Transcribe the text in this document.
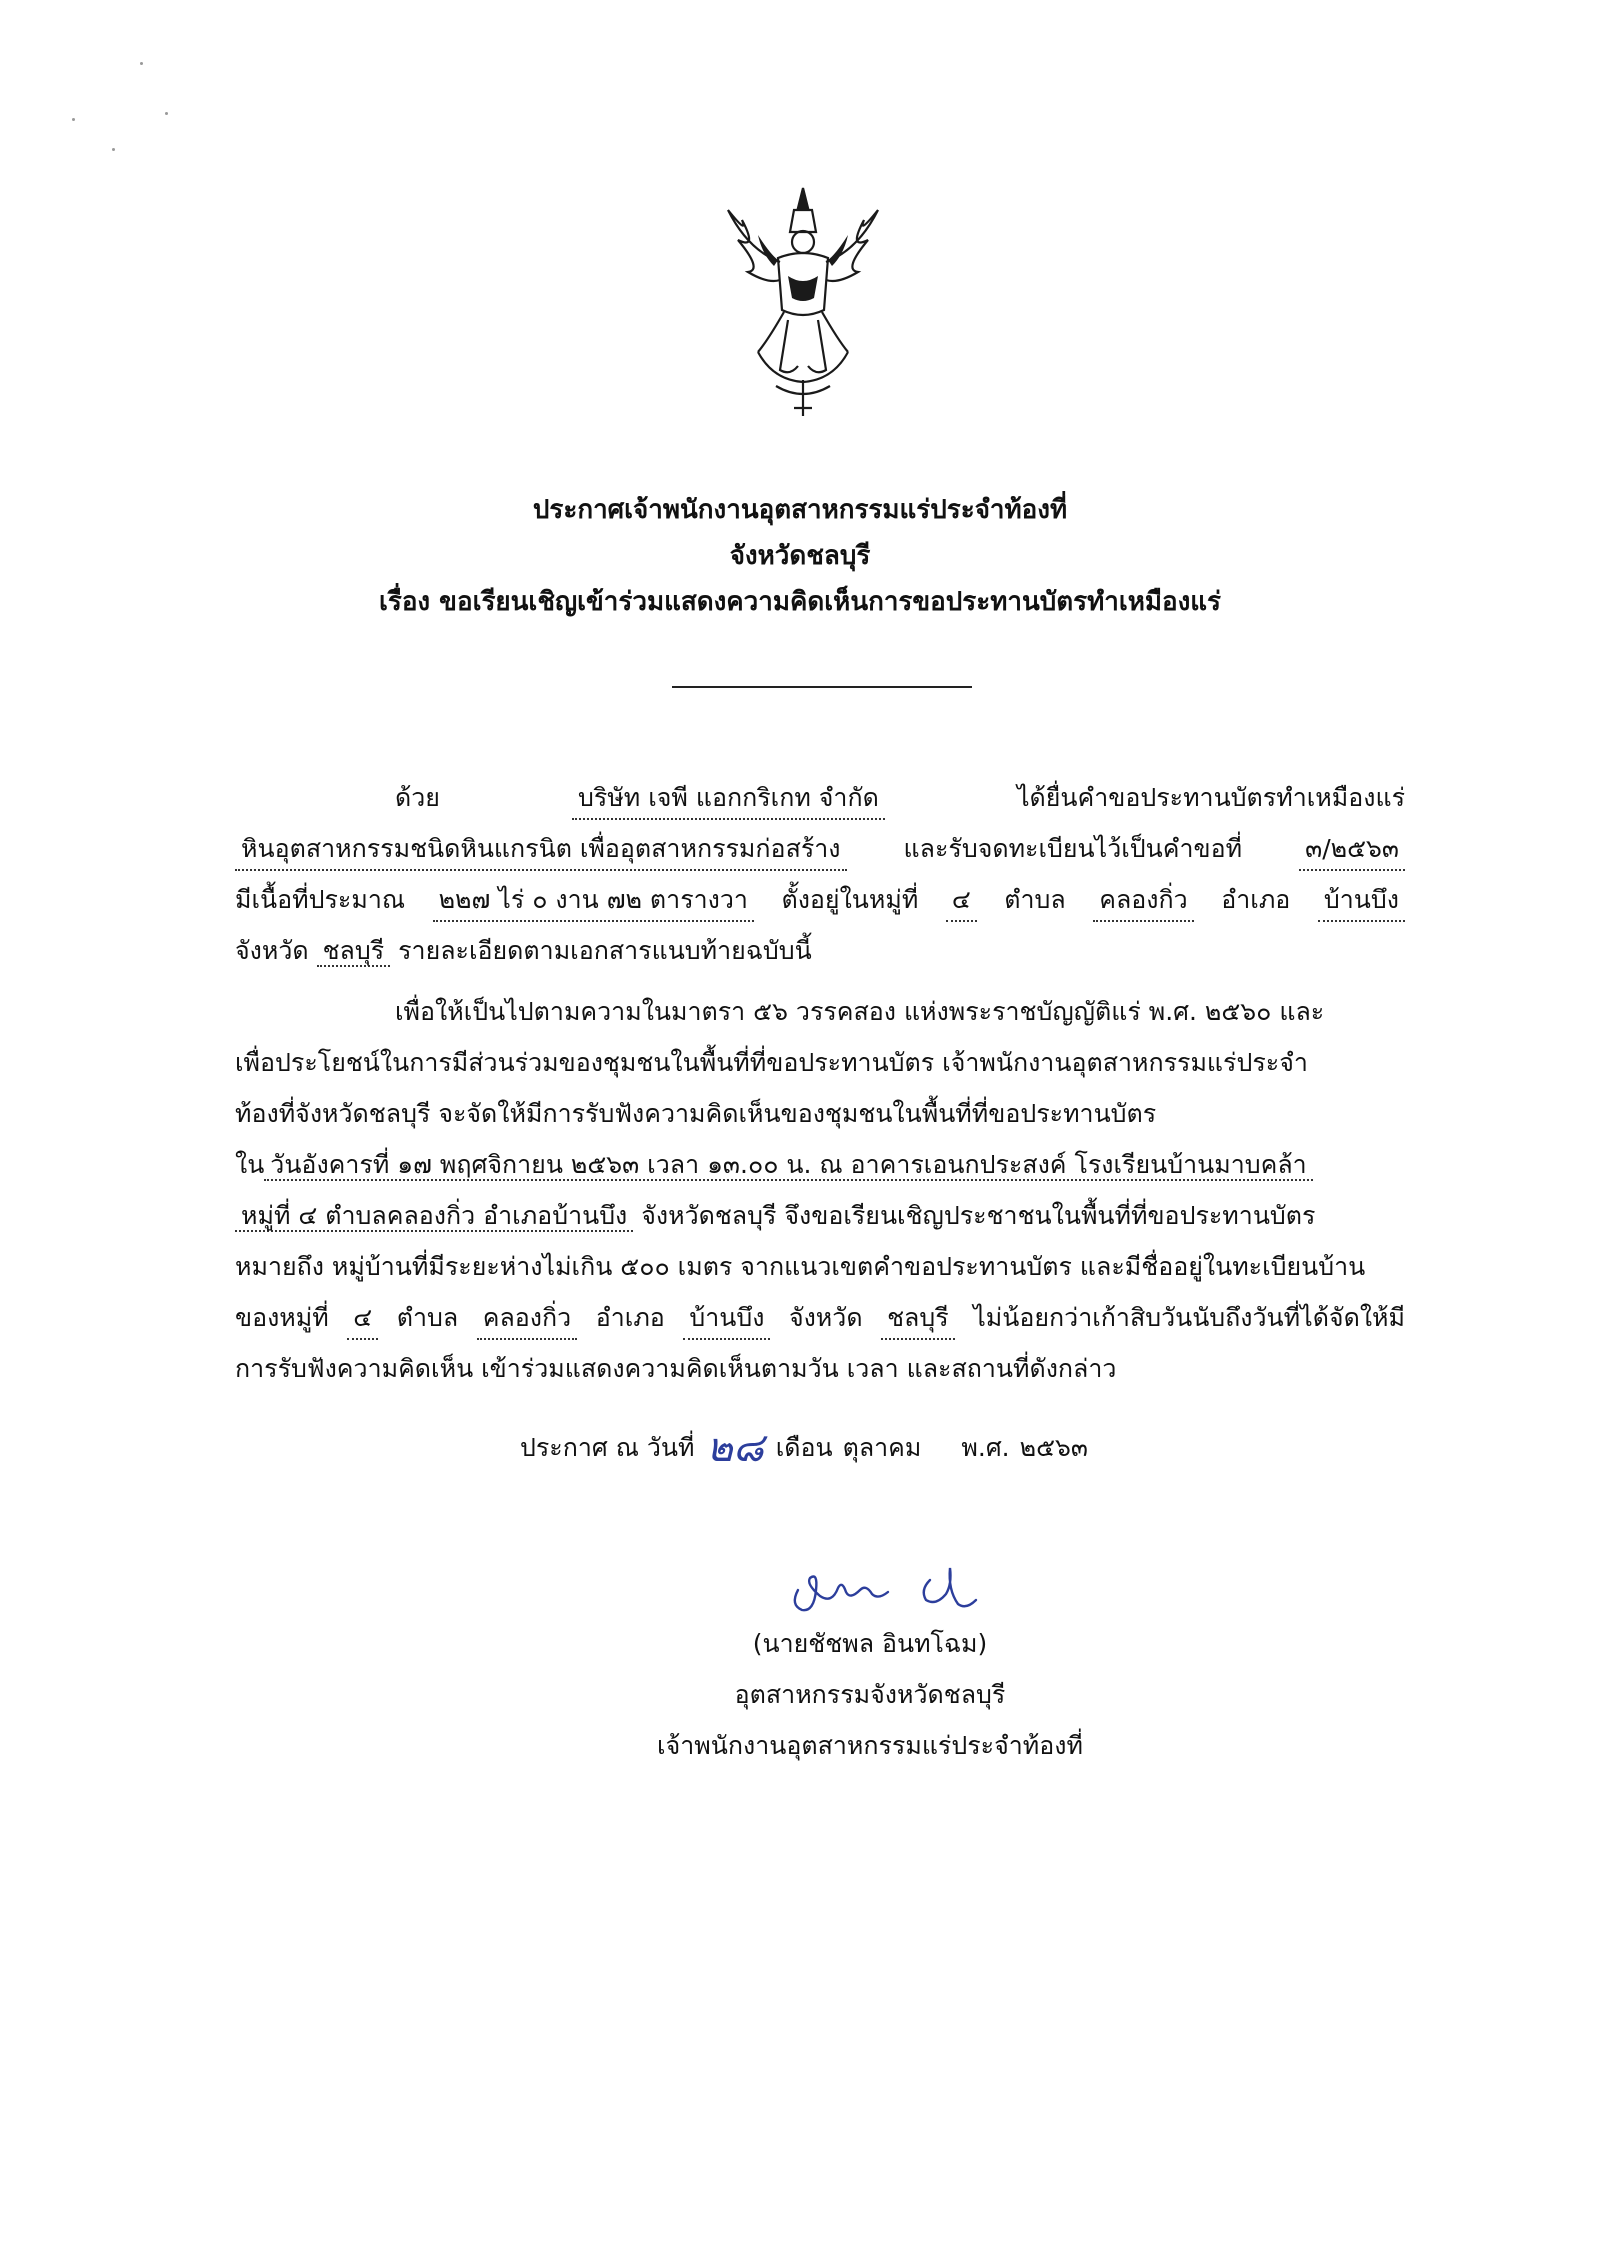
ประกาศเจ้าพนักงานอุตสาหกรรมแร่ประจำท้องที่
จังหวัดชลบุรี
เรื่อง ขอเรียนเชิญเข้าร่วมแสดงความคิดเห็นการขอประทานบัตรทำเหมืองแร่
ด้วย	บริษัท เจพี แอกกริเกท จำกัด	ได้ยื่นคำขอประทานบัตรทำเหมืองแร่
หินอุตสาหกรรมชนิดหินแกรนิต เพื่ออุตสาหกรรมก่อสร้าง	และรับจดทะเบียนไว้เป็นคำขอที่	๓/๒๕๖๓
มีเนื้อที่ประมาณ ๒๒๗ ไร่ ๐ งาน ๗๒ ตารางวา ตั้งอยู่ในหมู่ที่ ๔ ตำบล คลองกิ่ว อำเภอ บ้านบึง
จังหวัด ชลบุรี รายละเอียดตามเอกสารแนบท้ายฉบับนี้
เพื่อให้เป็นไปตามความในมาตรา ๕๖ วรรคสอง แห่งพระราชบัญญัติแร่ พ.ศ. ๒๕๖๐ และ
เพื่อประโยชน์ในการมีส่วนร่วมของชุมชนในพื้นที่ที่ขอประทานบัตร เจ้าพนักงานอุตสาหกรรมแร่ประจำ
ท้องที่จังหวัดชลบุรี จะจัดให้มีการรับฟังความคิดเห็นของชุมชนในพื้นที่ที่ขอประทานบัตร
ใน วันอังคารที่ ๑๗ พฤศจิกายน ๒๕๖๓ เวลา ๑๓.๐๐ น. ณ อาคารเอนกประสงค์ โรงเรียนบ้านมาบคล้า
หมู่ที่ ๔ ตำบลคลองกิ่ว อำเภอบ้านบึง จังหวัดชลบุรี จึงขอเรียนเชิญประชาชนในพื้นที่ที่ขอประทานบัตร
หมายถึง หมู่บ้านที่มีระยะห่างไม่เกิน ๕๐๐ เมตร จากแนวเขตคำขอประทานบัตร และมีชื่ออยู่ในทะเบียนบ้าน
ของหมู่ที่ ๔ ตำบล คลองกิ่ว อำเภอ บ้านบึง จังหวัด ชลบุรี ไม่น้อยกว่าเก้าสิบวันนับถึงวันที่ได้จัดให้มี
การรับฟังความคิดเห็น เข้าร่วมแสดงความคิดเห็นตามวัน เวลา และสถานที่ดังกล่าว
ประกาศ ณ วันที่ ๒๘ เดือน ตุลาคม พ.ศ. ๒๕๖๓
(นายชัชพล อินทโฉม)
อุตสาหกรรมจังหวัดชลบุรี
เจ้าพนักงานอุตสาหกรรมแร่ประจำท้องที่
